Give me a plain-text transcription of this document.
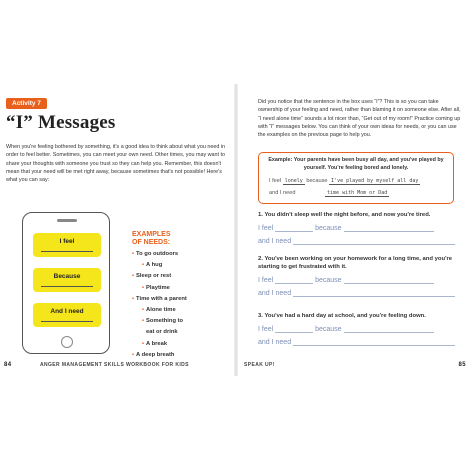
Activity 7
“I” Messages
When you're feeling bothered by something, it's a good idea to think about what you need in order to feel better. Sometimes, you can meet your own need. Other times, you may want to share your thoughts with someone you trust so they can help you. Remember, this doesn't mean that your need will be met right away, because sometimes that's not possible! Here's what you can say:
I feel
Because
And I need
EXAMPLES
OF NEEDS:
• To go outdoors
• A hug
• Sleep or rest
• Playtime
• Time with a parent
• Alone time
• Something to
eat or drink
• A break
• A deep breath
84	ANGER MANAGEMENT SKILLS WORKBOOK FOR KIDS
Did you notice that the sentence in the box uses “I”? This is so you can take ownership of your feeling and need, rather than blaming it on someone else. After all, “I need alone time” sounds a lot nicer than, “Get out of my room!” Practice coming up with “I” messages below. You can think of your own ideas for needs, or you can use the examples on the previous page to help you.
Example: Your parents have been busy all day, and you've played by yourself. You're feeling bored and lonely.
I feel lonely because I've played by myself all day
and I need	time with Mom or Dad
1. You didn't sleep well the night before, and now you're tired.
I feel	because
and I need
2. You've been working on your homework for a long time, and you're starting to get frustrated with it.
I feel	because
and I need
3. You've had a hard day at school, and you're feeling down.
I feel	because
and I need
SPEAK UP!	85
